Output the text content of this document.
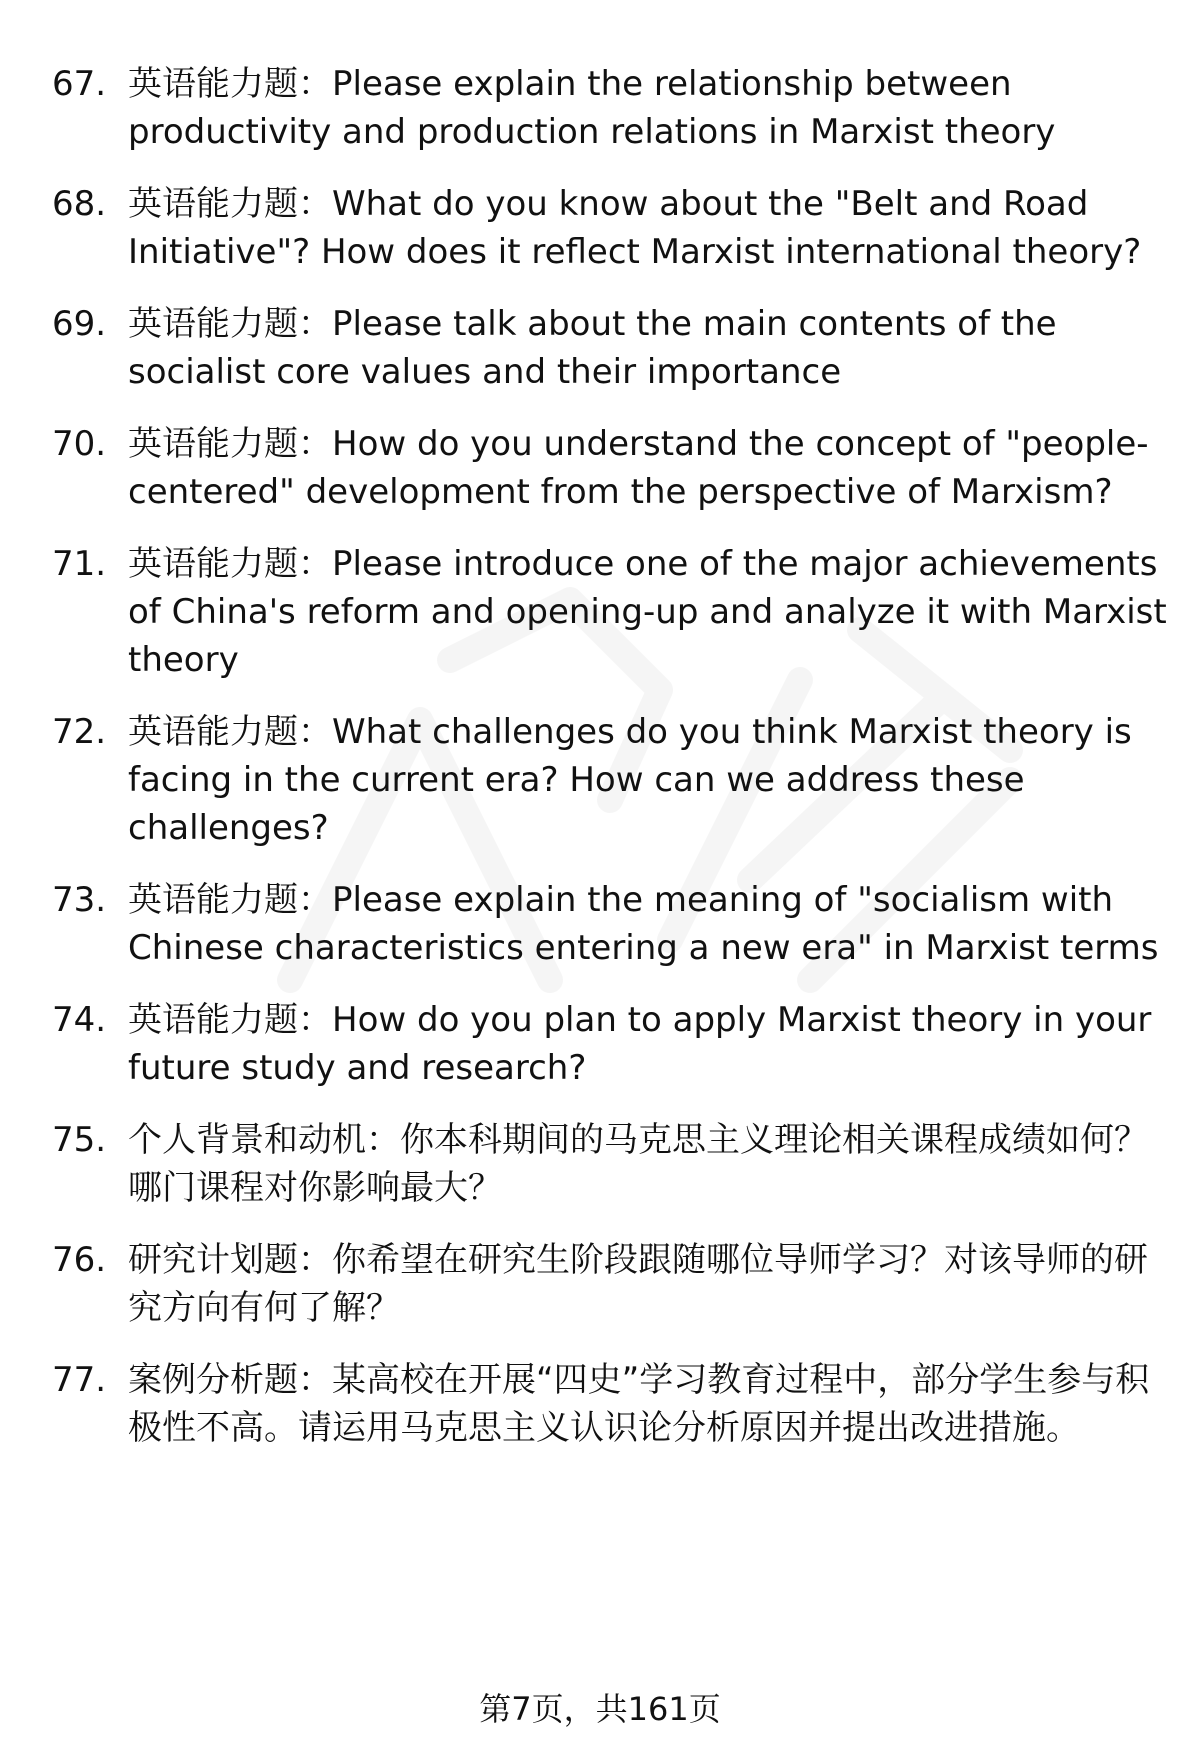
67. 英语能力题：Please explain the relationship between productivity and production relations in Marxist theory
68. 英语能力题：What do you know about the "Belt and Road Initiative"? How does it reflect Marxist international theory?
69. 英语能力题：Please talk about the main contents of the socialist core values and their importance
70. 英语能力题：How do you understand the concept of "people-centered" development from the perspective of Marxism?
71. 英语能力题：Please introduce one of the major achievements of China's reform and opening-up and analyze it with Marxist theory
72. 英语能力题：What challenges do you think Marxist theory is facing in the current era? How can we address these challenges?
73. 英语能力题：Please explain the meaning of "socialism with Chinese characteristics entering a new era" in Marxist terms
74. 英语能力题：How do you plan to apply Marxist theory in your future study and research?
75. 个人背景和动机：你本科期间的马克思主义理论相关课程成绩如何？哪门课程对你影响最大？
76. 研究计划题：你希望在研究生阶段跟随哪位导师学习？对该导师的研究方向有何了解？
77. 案例分析题：某高校在开展“四史”学习教育过程中，部分学生参与积极性不高。请运用马克思主义认识论分析原因并提出改进措施。
第7页，共161页
